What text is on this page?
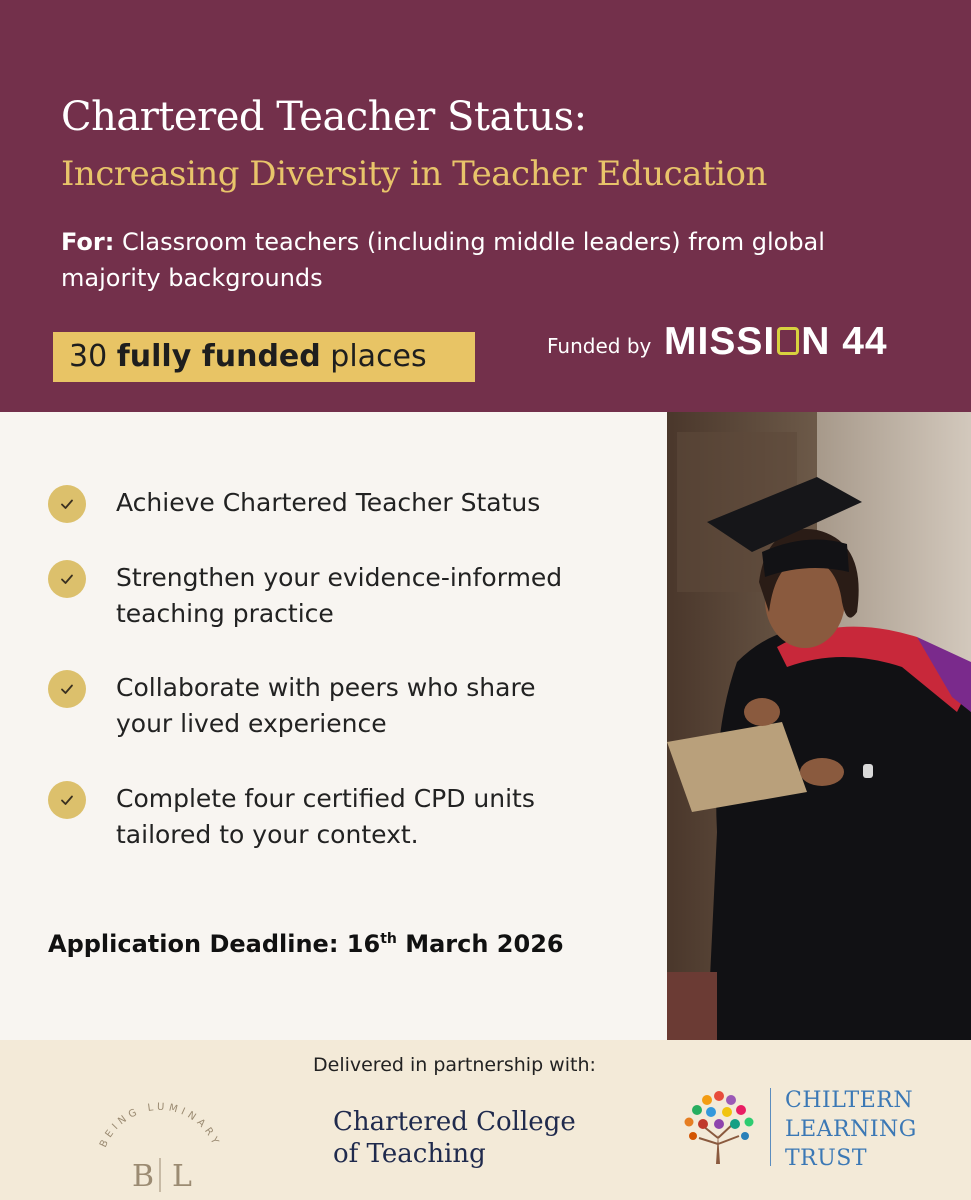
Chartered Teacher Status:
Increasing Diversity in Teacher Education

For: Classroom teachers (including middle leaders) from global majority backgrounds

30 fully funded places	Funded by MISSI N 44
Achieve Chartered Teacher Status
Strengthen your evidence-informed teaching practice
Collaborate with peers who share your lived experience
Complete four certified CPD units tailored to your context.
Application Deadline: 16th March 2026
Delivered in partnership with:
BEING LUMINARY
B L
Chartered College
of Teaching
CHILTERN
LEARNING
TRUST
